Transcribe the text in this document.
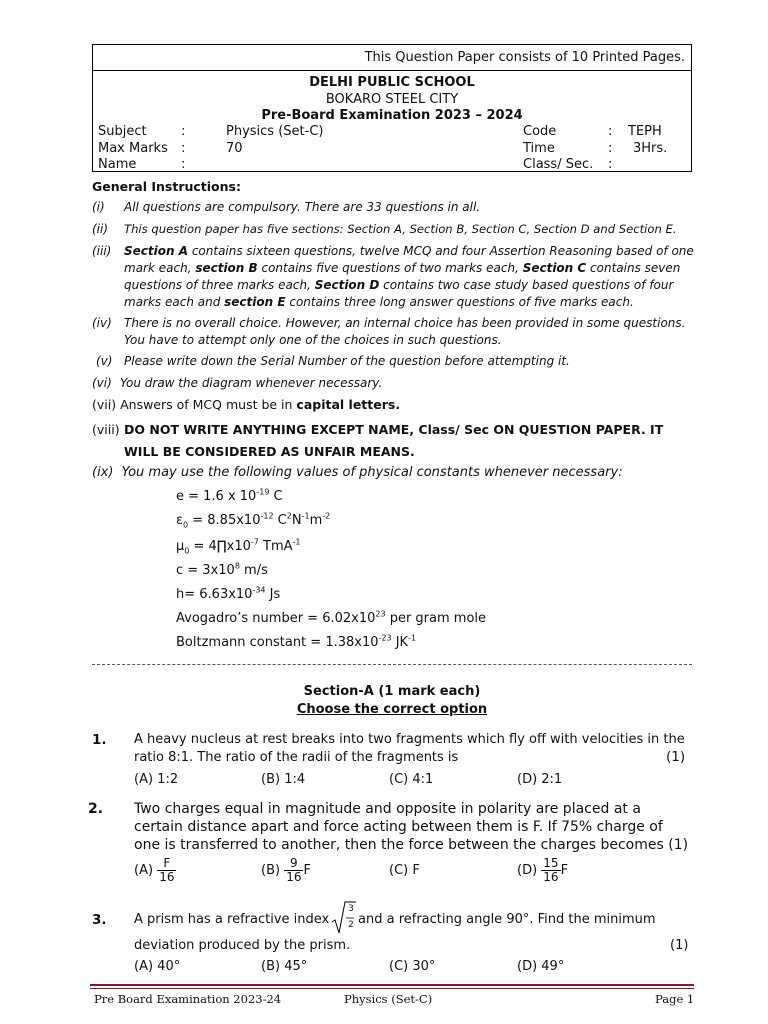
This Question Paper consists of 10 Printed Pages.
DELHI PUBLIC SCHOOL
BOKARO STEEL CITY
Pre-Board Examination 2023 – 2024
Subject	:	Physics (Set-C)	Code	: TEPH
Max Marks :	70	Time	: 3Hrs.
Name	:	Class/ Sec. :
General Instructions:
(i) All questions are compulsory. There are 33 questions in all.
(ii) This question paper has five sections: Section A, Section B, Section C, Section D and Section E.
(iii) Section A contains sixteen questions, twelve MCQ and four Assertion Reasoning based of one mark each, section B contains five questions of two marks each, Section C contains seven questions of three marks each, Section D contains two case study based questions of four marks each and section E contains three long answer questions of five marks each.
(iv) There is no overall choice. However, an internal choice has been provided in some questions. You have to attempt only one of the choices in such questions.
(v) Please write down the Serial Number of the question before attempting it.
(vi) You draw the diagram whenever necessary.
(vii) Answers of MCQ must be in capital letters.
(viii) DO NOT WRITE ANYTHING EXCEPT NAME, Class/ Sec ON QUESTION PAPER. IT WILL BE CONSIDERED AS UNFAIR MEANS.
(ix) You may use the following values of physical constants whenever necessary:
e = 1.6 x $10^{-19}$ C
$\varepsilon_0 = 8.85x10^{-12}$ $C^2N^{-1}m^{-2}$
$\mu_0$ = $4\prod x10^{-7}$ TmA$^{-1}$
$c = 3x10^8$ m/s
$h= 6.63x10^{-34}$ Js
Avogadro’s number = $6.02x10^{23}$ per gram mole
Boltzmann constant = $1.38x10^{-23}$ $JK^{-1}$
Section-A (1 mark each)
Choose the correct option
1. A heavy nucleus at rest breaks into two fragments which fly off with velocities in the
ratio 8:1. The ratio of the radii of the fragments is	(1)
(A) 1:2	(B) 1:4	(C) 4:1	(D) 2:1
2. Two charges equal in magnitude and opposite in polarity are placed at a
certain distance apart and force acting between them is F. If 75% charge of
one is transferred to another, then the force between the charges becomes (1)
$(A) \frac{F}{16}$	$(B) \frac{9}{16}$ F	(C) F	$(D) \frac{15}{16}$ F
3. A prism has a refractive index
3
2 and a refracting angle 90°. Find the minimum
deviation produced by the prism.	(1)
(A) 40°	(B) 45°	(C) 30°	(D) 49°
Pre Board Examination 2023-24	Physics (Set-C)	Page 1
